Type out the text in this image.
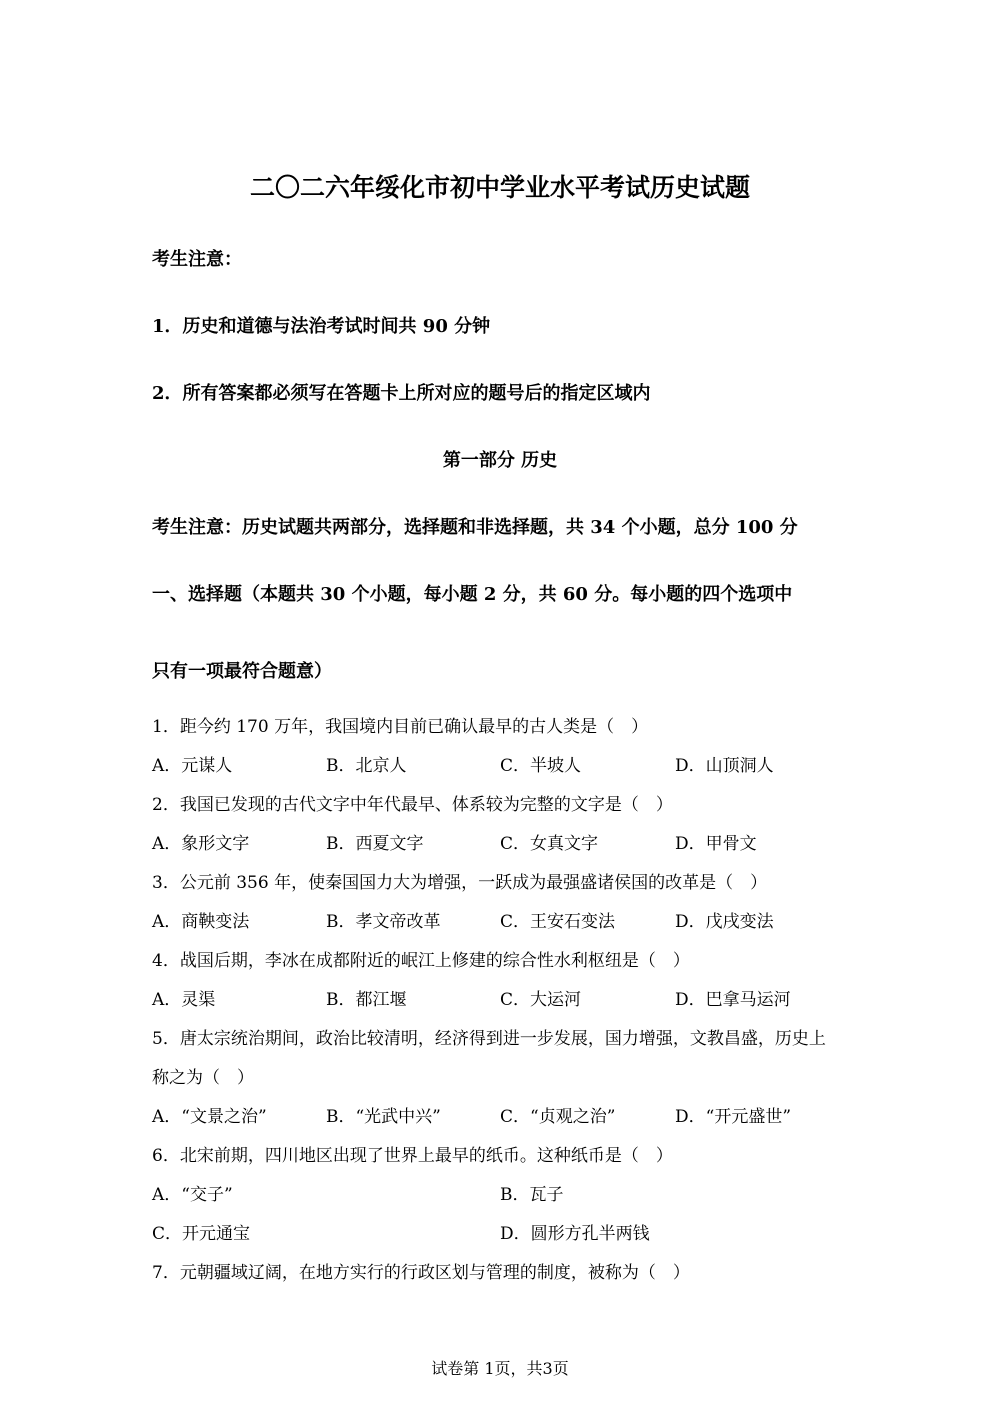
二〇二六年绥化市初中学业水平考试历史试题
考生注意：
1．历史和道德与法治考试时间共 90 分钟
2．所有答案都必须写在答题卡上所对应的题号后的指定区域内
第一部分 历史
考生注意：历史试题共两部分，选择题和非选择题，共 34 个小题，总分 100 分
一、选择题（本题共 30 个小题，每小题 2 分，共 60 分。每小题的四个选项中
只有一项最符合题意）
1．距今约 170 万年，我国境内目前已确认最早的古人类是（　）
A．元谋人	B．北京人	C．半坡人	D．山顶洞人
2．我国已发现的古代文字中年代最早、体系较为完整的文字是（　）
A．象形文字	B．西夏文字	C．女真文字	D．甲骨文
3．公元前 356 年，使秦国国力大为增强，一跃成为最强盛诸侯国的改革是（　）
A．商鞅变法	B．孝文帝改革	C．王安石变法	D．戊戌变法
4．战国后期，李冰在成都附近的岷江上修建的综合性水利枢纽是（　）
A．灵渠	B．都江堰	C．大运河	D．巴拿马运河
5．唐太宗统治期间，政治比较清明，经济得到进一步发展，国力增强，文教昌盛，历史上
称之为（　）
A．“文景之治”	B．“光武中兴”	C．“贞观之治”	D．“开元盛世”
6．北宋前期，四川地区出现了世界上最早的纸币。这种纸币是（　）
A．“交子”	B．瓦子
C．开元通宝	D．圆形方孔半两钱
7．元朝疆域辽阔，在地方实行的行政区划与管理的制度，被称为（　）
试卷第 1页，共3页
